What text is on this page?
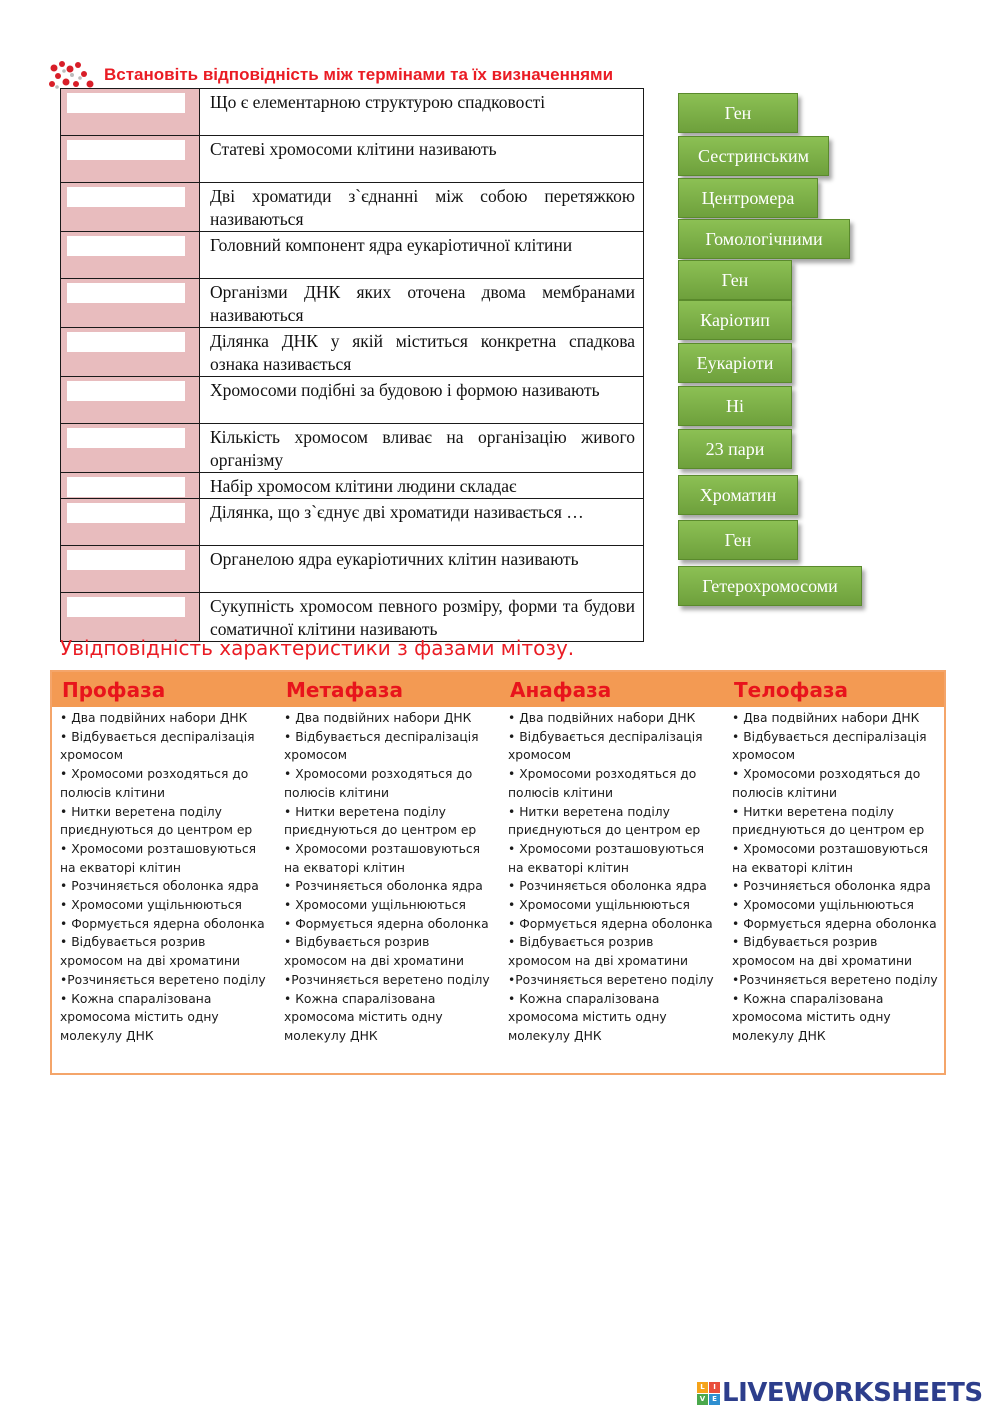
Встановіть відповідність між термінами та їх визначеннями
	Що є елементарною структурою спадковості

	Статеві хромосоми клітини називають

	Дві хроматиди з`єднанні між собою перетяжкою називаються

	Головний компонент ядра еукаріотичної клітини

	Організми ДНК яких оточена двома мембранами називаються

	Ділянка ДНК у якій міститься конкретна спадкова ознака називається

	Хромосоми подібні за будовою і формою називають

	Кількість хромосом вливає на організацію живого організму

	Набір хромосом клітини людини складає

	Ділянка, що з`єднує дві хроматиди називається …

	Органелою ядра еукаріотичних клітин називають

	Сукупність хромосом певного розміру, форми та будови соматичної клітини називають
Ген
Сестринським
Центромера
Гомологічними
Ген
Каріотип
Еукаріоти
Ні
23 пари
Хроматин
Ген
Гетерохромосоми
Увідповідність характеристики з фазами мітозу.
Профаза
• Два подвійних набори ДНК
• Відбувається деспіралізація хромосом
• Хромосоми розходяться до полюсів клітини
• Нитки веретена поділу приєднуються до центром ер
• Хромосоми розташовуються на екваторі клітин
• Розчиняється оболонка ядра
• Хромосоми ущільнюються
• Формується ядерна оболонка
• Відбувається розрив хромосом на дві хроматини
•Розчиняється веретено поділу
• Кожна спаралізована хромосома містить одну молекулу ДНК
Метафаза
• Два подвійних набори ДНК
• Відбувається деспіралізація хромосом
• Хромосоми розходяться до полюсів клітини
• Нитки веретена поділу приєднуються до центром ер
• Хромосоми розташовуються на екваторі клітин
• Розчиняється оболонка ядра
• Хромосоми ущільнюються
• Формується ядерна оболонка
• Відбувається розрив хромосом на дві хроматини
•Розчиняється веретено поділу
• Кожна спаралізована хромосома містить одну молекулу ДНК
Анафаза
• Два подвійних набори ДНК
• Відбувається деспіралізація хромосом
• Хромосоми розходяться до полюсів клітини
• Нитки веретена поділу приєднуються до центром ер
• Хромосоми розташовуються на екваторі клітин
• Розчиняється оболонка ядра
• Хромосоми ущільнюються
• Формується ядерна оболонка
• Відбувається розрив хромосом на дві хроматини
•Розчиняється веретено поділу
• Кожна спаралізована хромосома містить одну молекулу ДНК
Телофаза
• Два подвійних набори ДНК
• Відбувається деспіралізація хромосом
• Хромосоми розходяться до полюсів клітини
• Нитки веретена поділу приєднуються до центром ер
• Хромосоми розташовуються на екваторі клітин
• Розчиняється оболонка ядра
• Хромосоми ущільнюються
• Формується ядерна оболонка
• Відбувається розрив хромосом на дві хроматини
•Розчиняється веретено поділу
• Кожна спаралізована хромосома містить одну молекулу ДНК
L	I
V E LIVEWORKSHEETS
